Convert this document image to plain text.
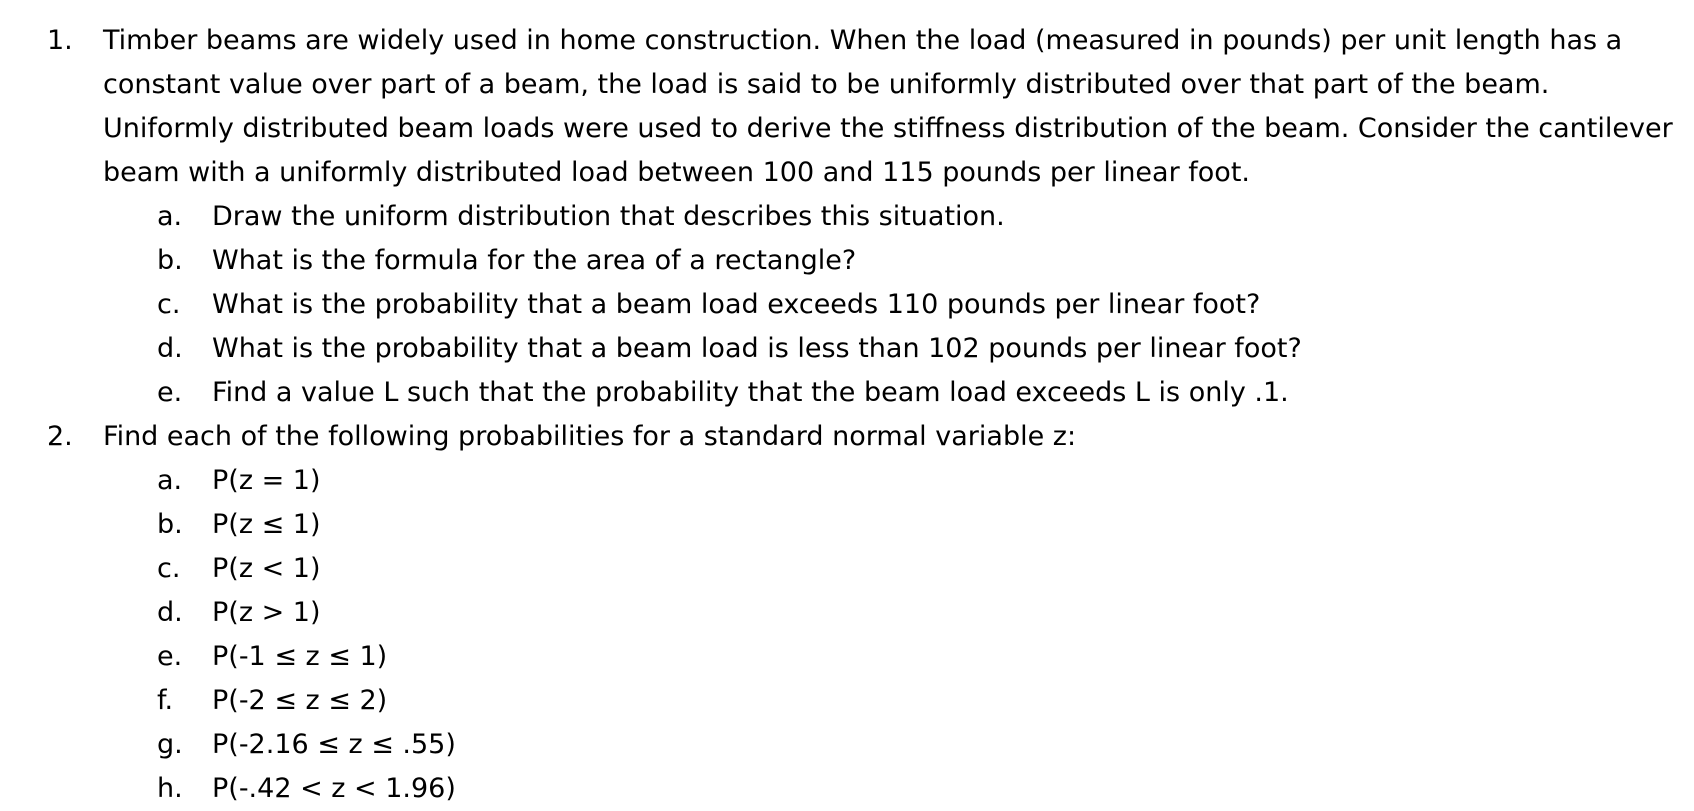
1. Timber beams are widely used in home construction. When the load (measured in pounds) per unit length has a constant value over part of a beam, the load is said to be uniformly distributed over that part of the beam. Uniformly distributed beam loads were used to derive the stiffness distribution of the beam. Consider the cantilever beam with a uniformly distributed load between 100 and 115 pounds per linear foot.
a. Draw the uniform distribution that describes this situation.
b. What is the formula for the area of a rectangle?
c. What is the probability that a beam load exceeds 110 pounds per linear foot?
d. What is the probability that a beam load is less than 102 pounds per linear foot?
e. Find a value L such that the probability that the beam load exceeds L is only .1.
2. Find each of the following probabilities for a standard normal variable z:
a. P(z = 1)
b. P(z ≤ 1)
c. P(z < 1)
d. P(z > 1)
e. P(-1 ≤ z ≤ 1)
f. P(-2 ≤ z ≤ 2)
g. P(-2.16 ≤ z ≤ .55)
h. P(-.42 < z < 1.96)
